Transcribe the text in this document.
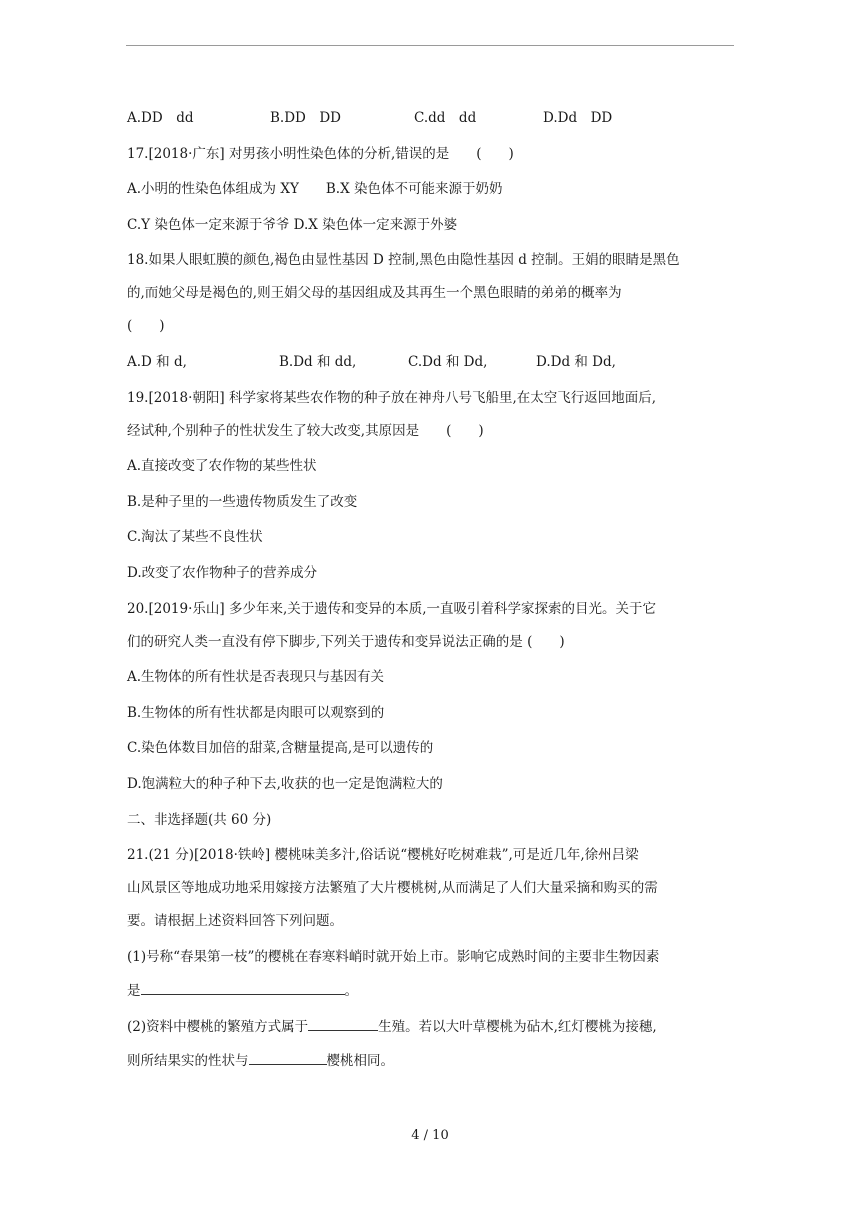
A.DD　dd	B.DD　DD	C.dd　dd	D.Dd　DD
17.[2018·广东] 对男孩小明性染色体的分析,错误的是　　(　　)
A.小明的性染色体组成为 XY　　B.X 染色体不可能来源于奶奶
C.Y 染色体一定来源于爷爷 D.X 染色体一定来源于外婆
18.如果人眼虹膜的颜色,褐色由显性基因 D 控制,黑色由隐性基因 d 控制。王娟的眼睛是黑色
的,而她父母是褐色的,则王娟父母的基因组成及其再生一个黑色眼睛的弟弟的概率为
(　　)
A.D 和 d,	B.Dd 和 dd,	C.Dd 和 Dd,	D.Dd 和 Dd,
19.[2018·朝阳] 科学家将某些农作物的种子放在神舟八号飞船里,在太空飞行返回地面后,
经试种,个别种子的性状发生了较大改变,其原因是　　(　　)
A.直接改变了农作物的某些性状
B.是种子里的一些遗传物质发生了改变
C.淘汰了某些不良性状
D.改变了农作物种子的营养成分
20.[2019·乐山] 多少年来,关于遗传和变异的本质,一直吸引着科学家探索的目光。关于它
们的研究人类一直没有停下脚步,下列关于遗传和变异说法正确的是 (　　)
A.生物体的所有性状是否表现只与基因有关
B.生物体的所有性状都是肉眼可以观察到的
C.染色体数目加倍的甜菜,含糖量提高,是可以遗传的
D.饱满粒大的种子种下去,收获的也一定是饱满粒大的
二、非选择题(共 60 分)
21.(21 分)[2018·铁岭] 樱桃味美多汁,俗话说“樱桃好吃树难栽”,可是近几年,徐州吕梁
山风景区等地成功地采用嫁接方法繁殖了大片樱桃树,从而满足了人们大量采摘和购买的需
要。请根据上述资料回答下列问题。
(1)号称“春果第一枝”的樱桃在春寒料峭时就开始上市。影响它成熟时间的主要非生物因素
是	。
(2)资料中樱桃的繁殖方式属于	生殖。若以大叶草樱桃为砧木,红灯樱桃为接穗,
则所结果实的性状与	樱桃相同。
4 / 10
